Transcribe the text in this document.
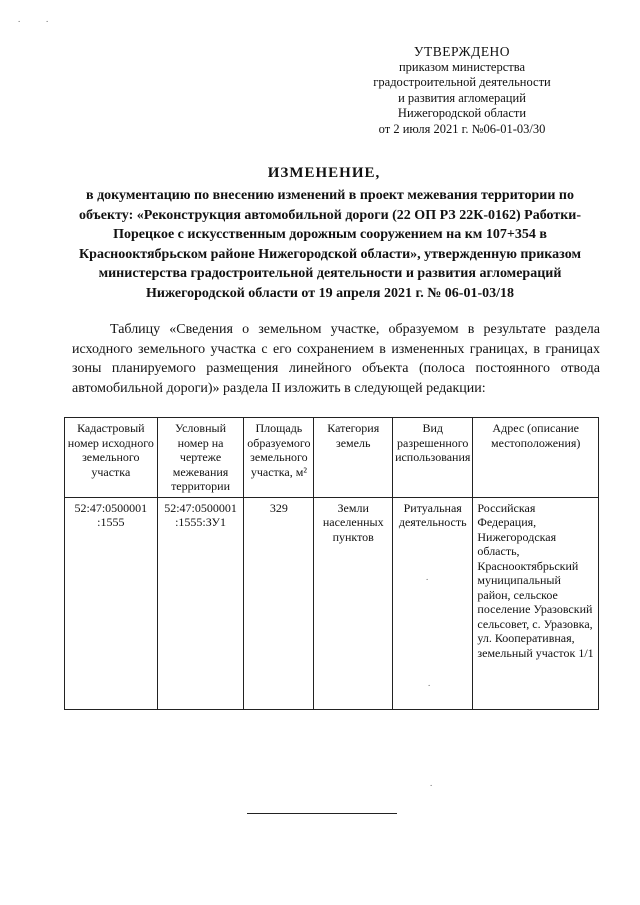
УТВЕРЖДЕНО
приказом министерства
градостроительной деятельности
и развития агломераций
Нижегородской области
от 2 июля 2021 г. №06-01-03/30
ИЗМЕНЕНИЕ,
в документацию по внесению изменений в проект межевания территории по
объекту: «Реконструкция автомобильной дороги (22 ОП РЗ 22К-0162) Работки-
Порецкое с искусственным дорожным сооружением на км 107+354 в
Краснооктябрьском районе Нижегородской области», утвержденную приказом
министерства градостроительной деятельности и развития агломераций
Нижегородской области от 19 апреля 2021 г. № 06-01-03/18
Таблицу «Сведения о земельном участке, образуемом в результате раздела исходного земельного участка с его сохранением в измененных границах, в границах зоны планируемого размещения линейного объекта (полоса постоянного отвода автомобильной дороги)» раздела II изложить в следующей редакции:
Кадастровый номер исходного земельного участка	Условный номер на чертеже межевания территории	Площадь образуемого земельного участка, м²	Категория земель	Вид разрешенного использования	Адрес (описание местоположения)
52:47:0500001 :1555	52:47:0500001 :1555:ЗУ1	329	Земли населенных пунктов	Ритуальная деятельность	Российская Федерация, Нижегородская область, Краснооктябрьский муниципальный район, сельское поселение Уразовский сельсовет, с. Уразовка, ул. Кооперативная, земельный участок 1/1
.	.
.
.
.
